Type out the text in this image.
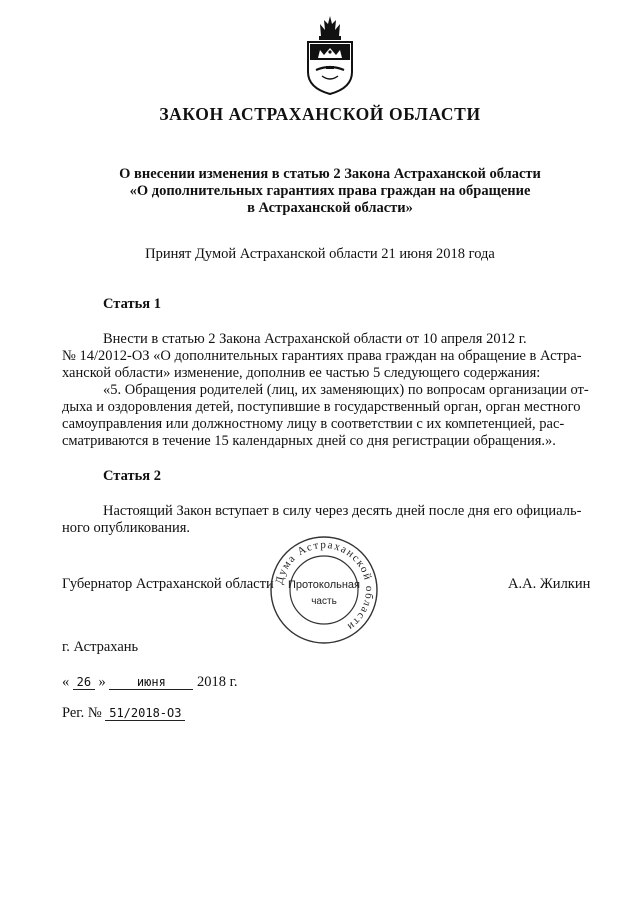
ЗАКОН АСТРАХАНСКОЙ ОБЛАСТИ
О внесении изменения в статью 2 Закона Астраханской области
«О дополнительных гарантиях права граждан на обращение
в Астраханской области»
Принят Думой Астраханской области 21 июня 2018 года
Статья 1
Внести в статью 2 Закона Астраханской области от 10 апреля 2012 г.
№ 14/2012-ОЗ «О дополнительных гарантиях права граждан на обращение в Астра-
ханской области» изменение, дополнив ее частью 5 следующего содержания:
«5. Обращения родителей (лиц, их заменяющих) по вопросам организации от-
дыха и оздоровления детей, поступившие в государственный орган, орган местного
самоуправления или должностному лицу в соответствии с их компетенцией, рас-
сматриваются в течение 15 календарных дней со дня регистрации обращения.».
Статья 2
Настоящий Закон вступает в силу через десять дней после дня его официаль-
ного опубликования.
Губернатор Астраханской области	А.А. Жилкин
Дума Астраханской области
Протокольная
часть
г. Астрахань
« 26 »	июня 2018 г.
Рег. № 51/2018-ОЗ
